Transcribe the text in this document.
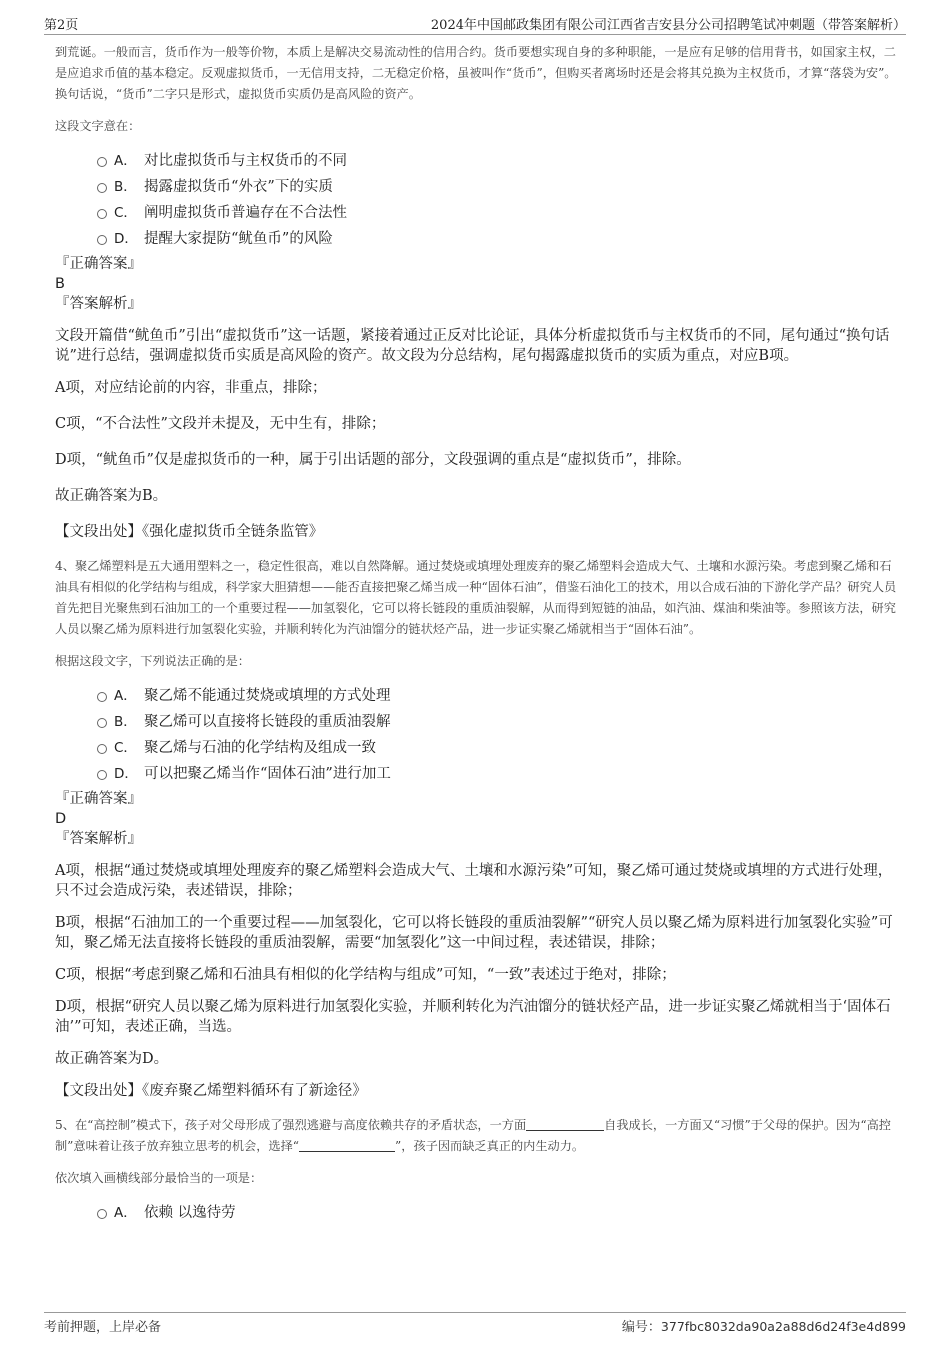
第2页	2024年中国邮政集团有限公司江西省吉安县分公司招聘笔试冲刺题（带答案解析）

到荒诞。一般而言，货币作为一般等价物，本质上是解决交易流动性的信用合约。货币要想实现自身的多种职能，一是应有足够的信用背书，如国家主权，二是应追求币值的基本稳定。反观虚拟货币，一无信用支持，二无稳定价格，虽被叫作“货币”，但购买者离场时还是会将其兑换为主权货币，才算“落袋为安”。换句话说，“货币”二字只是形式，虚拟货币实质仍是高风险的资产。

这段文字意在：

A． 对比虚拟货币与主权货币的不同
B． 揭露虚拟货币“外衣”下的实质
C． 阐明虚拟货币普遍存在不合法性
D． 提醒大家提防“鱿鱼币”的风险

『正确答案』

B

『答案解析』

文段开篇借“鱿鱼币”引出“虚拟货币”这一话题，紧接着通过正反对比论证，具体分析虚拟货币与主权货币的不同，尾句通过“换句话说”进行总结，强调虚拟货币实质是高风险的资产。故文段为分总结构，尾句揭露虚拟货币的实质为重点，对应B项。

A项，对应结论前的内容，非重点，排除；

C项，“不合法性”文段并未提及，无中生有，排除；

D项，“鱿鱼币”仅是虚拟货币的一种，属于引出话题的部分，文段强调的重点是“虚拟货币”，排除。

故正确答案为B。

【文段出处】《强化虚拟货币全链条监管》

4、聚乙烯塑料是五大通用塑料之一，稳定性很高，难以自然降解。通过焚烧或填埋处理废弃的聚乙烯塑料会造成大气、土壤和水源污染。考虑到聚乙烯和石油具有相似的化学结构与组成，科学家大胆猜想——能否直接把聚乙烯当成一种“固体石油”，借鉴石油化工的技术，用以合成石油的下游化学产品？研究人员首先把目光聚焦到石油加工的一个重要过程——加氢裂化，它可以将长链段的重质油裂解，从而得到短链的油品，如汽油、煤油和柴油等。参照该方法，研究人员以聚乙烯为原料进行加氢裂化实验，并顺利转化为汽油馏分的链状烃产品，进一步证实聚乙烯就相当于“固体石油”。

根据这段文字，下列说法正确的是：

A． 聚乙烯不能通过焚烧或填埋的方式处理
B． 聚乙烯可以直接将长链段的重质油裂解
C． 聚乙烯与石油的化学结构及组成一致
D． 可以把聚乙烯当作“固体石油”进行加工

『正确答案』

D

『答案解析』

A项，根据“通过焚烧或填埋处理废弃的聚乙烯塑料会造成大气、土壤和水源污染”可知，聚乙烯可通过焚烧或填埋的方式进行处理，只不过会造成污染，表述错误，排除；

B项，根据“石油加工的一个重要过程——加氢裂化，它可以将长链段的重质油裂解”“研究人员以聚乙烯为原料进行加氢裂化实验”可知，聚乙烯无法直接将长链段的重质油裂解，需要“加氢裂化”这一中间过程，表述错误，排除；

C项，根据“考虑到聚乙烯和石油具有相似的化学结构与组成”可知，“一致”表述过于绝对，排除；

D项，根据“研究人员以聚乙烯为原料进行加氢裂化实验，并顺利转化为汽油馏分的链状烃产品，进一步证实聚乙烯就相当于‘固体石油’”可知，表述正确，当选。

故正确答案为D。

【文段出处】《废弃聚乙烯塑料循环有了新途径》

5、在“高控制”模式下，孩子对父母形成了强烈逃避与高度依赖共存的矛盾状态，一方面	自我成长，一方面又“习惯”于父母的保护。因为“高控制”意味着让孩子放弃独立思考的机会，选择“	”，孩子因而缺乏真正的内生动力。

依次填入画横线部分最恰当的一项是：

A． 依赖 以逸待劳
考前押题，上岸必备	编号：377fbc8032da90a2a88d6d24f3e4d899
